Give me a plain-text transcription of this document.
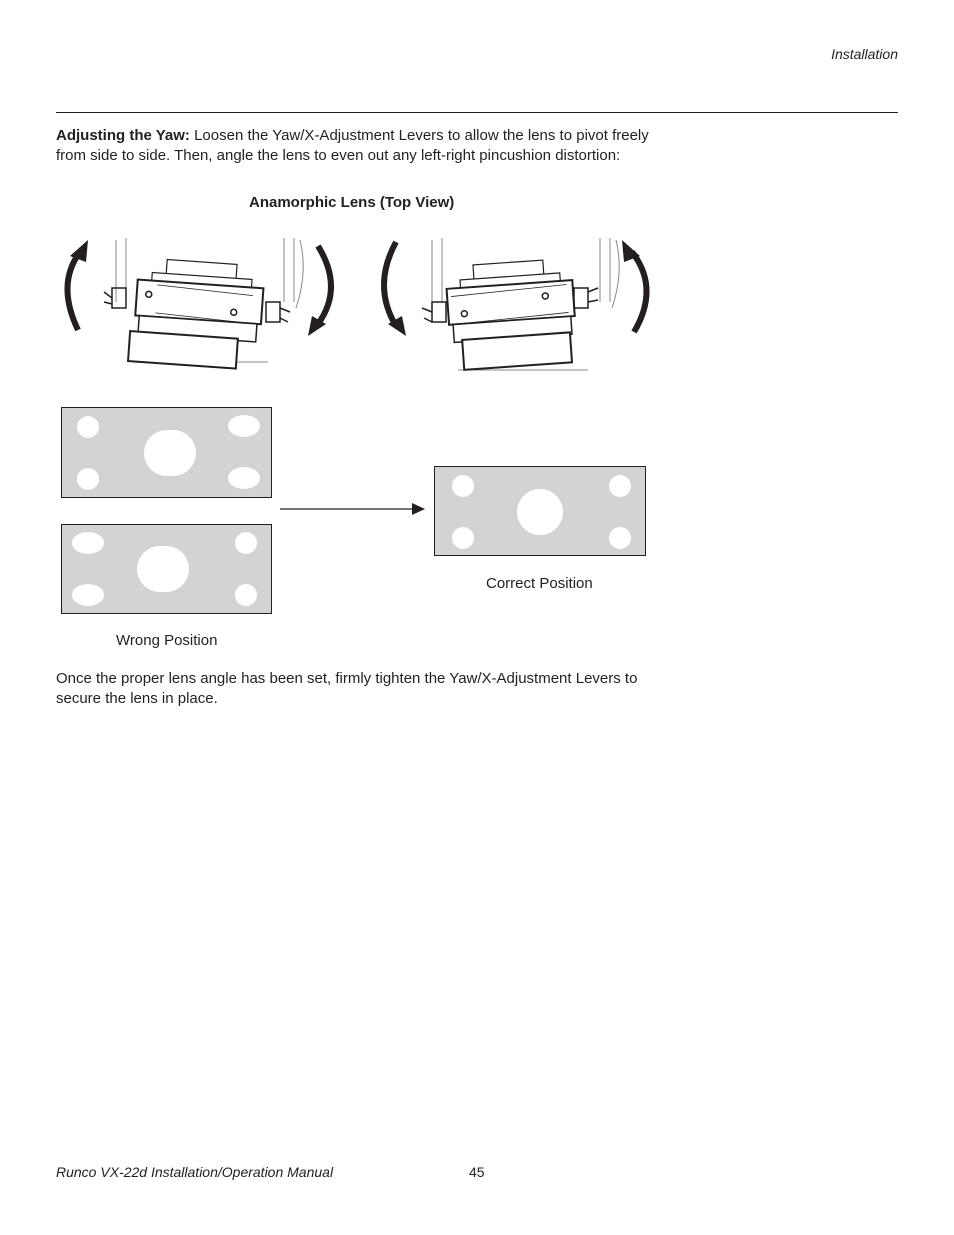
Installation

Adjusting the Yaw: Loosen the Yaw/X-Adjustment Levers to allow the lens to pivot freely from side to side. Then, angle the lens to even out any left-right pincushion distortion:

Anamorphic Lens (Top View)
Wrong Position
Correct Position

Once the proper lens angle has been set, firmly tighten the Yaw/X-Adjustment Levers to secure the lens in place.

Runco VX-22d Installation/Operation Manual	45
